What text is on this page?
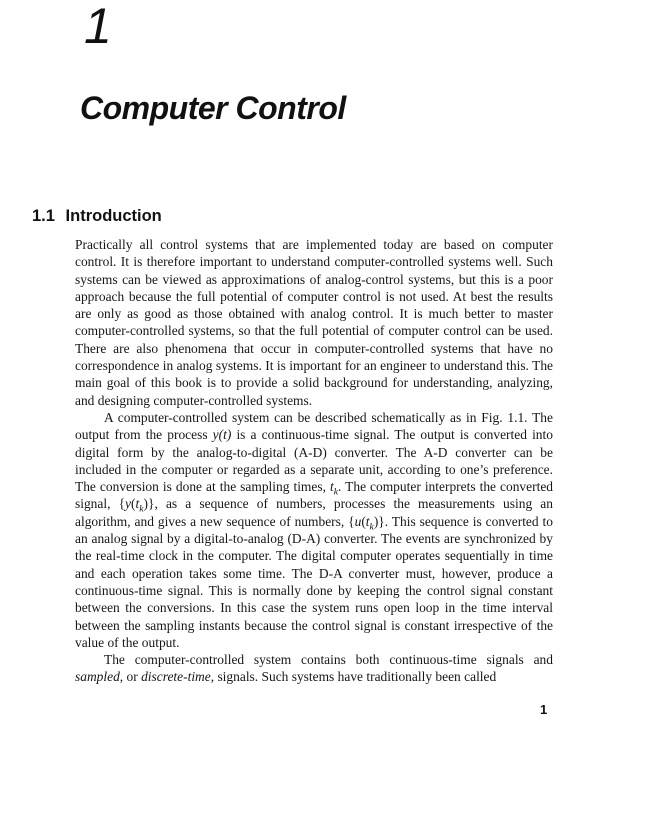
1
Computer Control
1.1 Introduction

Practically all control systems that are implemented today are based on computer control. It is therefore important to understand computer-controlled systems well. Such systems can be viewed as approximations of analog-control systems, but this is a poor approach because the full potential of computer control is not used. At best the results are only as good as those obtained with analog control. It is much better to master computer-controlled systems, so that the full potential of computer control can be used. There are also phenomena that occur in computer-controlled systems that have no correspondence in analog systems. It is important for an engineer to understand this. The main goal of this book is to provide a solid background for understanding, analyzing, and designing computer-controlled systems.

A computer-controlled system can be described schematically as in Fig. 1.1. The output from the process y(t) is a continuous-time signal. The output is converted into digital form by the analog-to-digital (A-D) converter. The A-D converter can be included in the computer or regarded as a separate unit, according to one’s preference. The conversion is done at the sampling times, $t_k$. The computer interprets the converted signal, $\{y(t_k)\}$, as a sequence of numbers, processes the measurements using an algorithm, and gives a new sequence of numbers, $\{u(t_k)\}$. This sequence is converted to an analog signal by a digital-to-analog (D-A) converter. The events are synchronized by the real-time clock in the computer. The digital computer operates sequentially in time and each operation takes some time. The D-A converter must, however, produce a continuous-time signal. This is normally done by keeping the control signal constant between the conversions. In this case the system runs open loop in the time interval between the sampling instants because the control signal is constant irrespective of the value of the output.

The computer-controlled system contains both continuous-time signals and sampled, or discrete-time, signals. Such systems have traditionally been called

1
